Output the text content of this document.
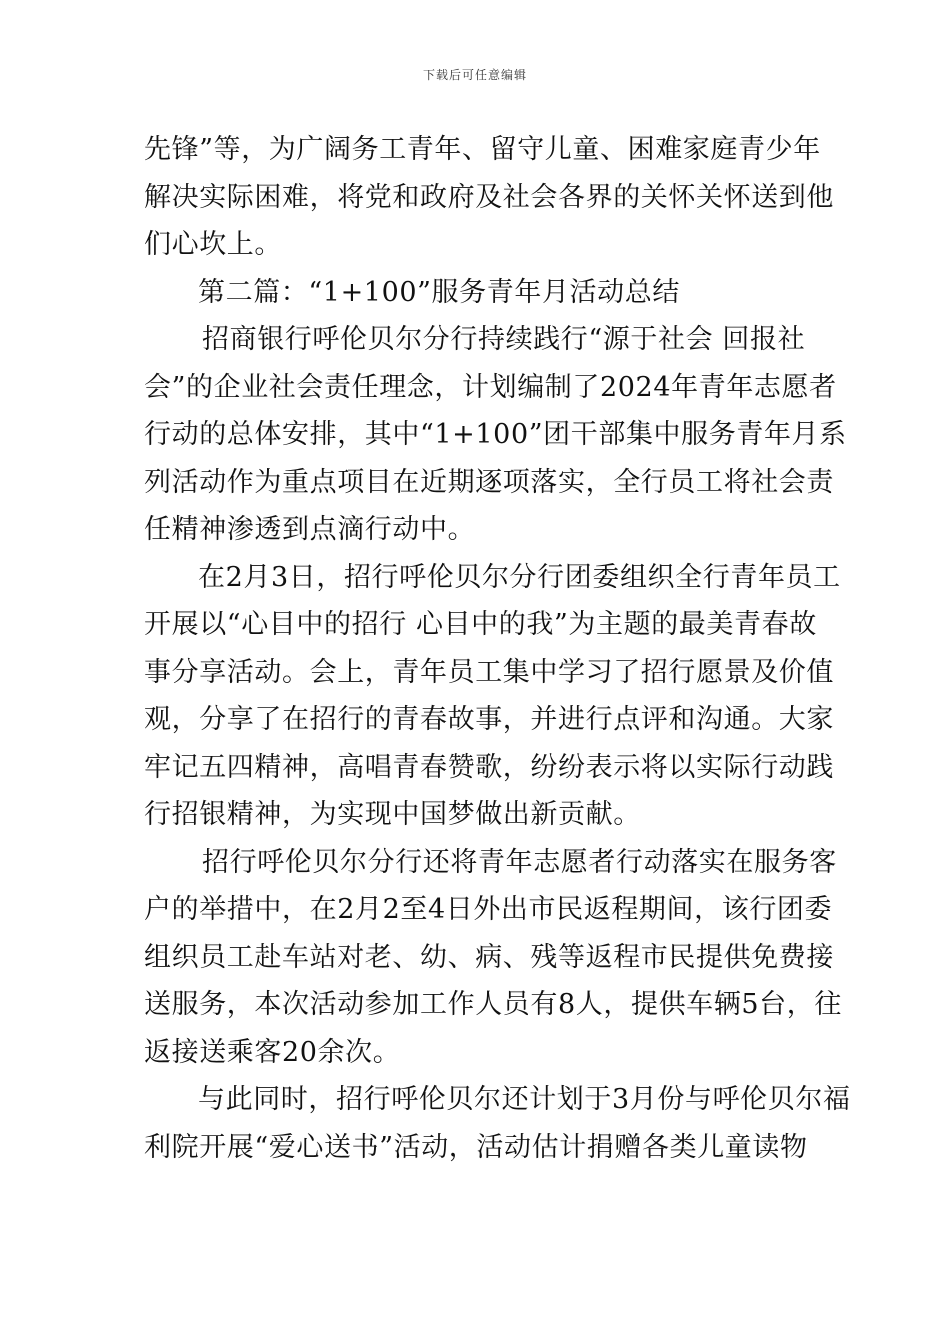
下载后可任意编辑

先锋”等，为广阔务工青年、留守儿童、困难家庭青少年

解决实际困难，将党和政府及社会各界的关怀关怀送到他

们心坎上。

第二篇：“1+100”服务青年月活动总结

招商银行呼伦贝尔分行持续践行“源于社会 回报社

会”的企业社会责任理念，计划编制了2024年青年志愿者

行动的总体安排，其中“1+100”团干部集中服务青年月系

列活动作为重点项目在近期逐项落实，全行员工将社会责

任精神渗透到点滴行动中。

在2月3日，招行呼伦贝尔分行团委组织全行青年员工

开展以“心目中的招行 心目中的我”为主题的最美青春故

事分享活动。会上，青年员工集中学习了招行愿景及价值

观，分享了在招行的青春故事，并进行点评和沟通。大家

牢记五四精神，高唱青春赞歌，纷纷表示将以实际行动践

行招银精神，为实现中国梦做出新贡献。

招行呼伦贝尔分行还将青年志愿者行动落实在服务客

户的举措中，在2月2至4日外出市民返程期间，该行团委

组织员工赴车站对老、幼、病、残等返程市民提供免费接

送服务，本次活动参加工作人员有8人，提供车辆5台，往

返接送乘客20余次。

与此同时，招行呼伦贝尔还计划于3月份与呼伦贝尔福

利院开展“爱心送书”活动，活动估计捐赠各类儿童读物
